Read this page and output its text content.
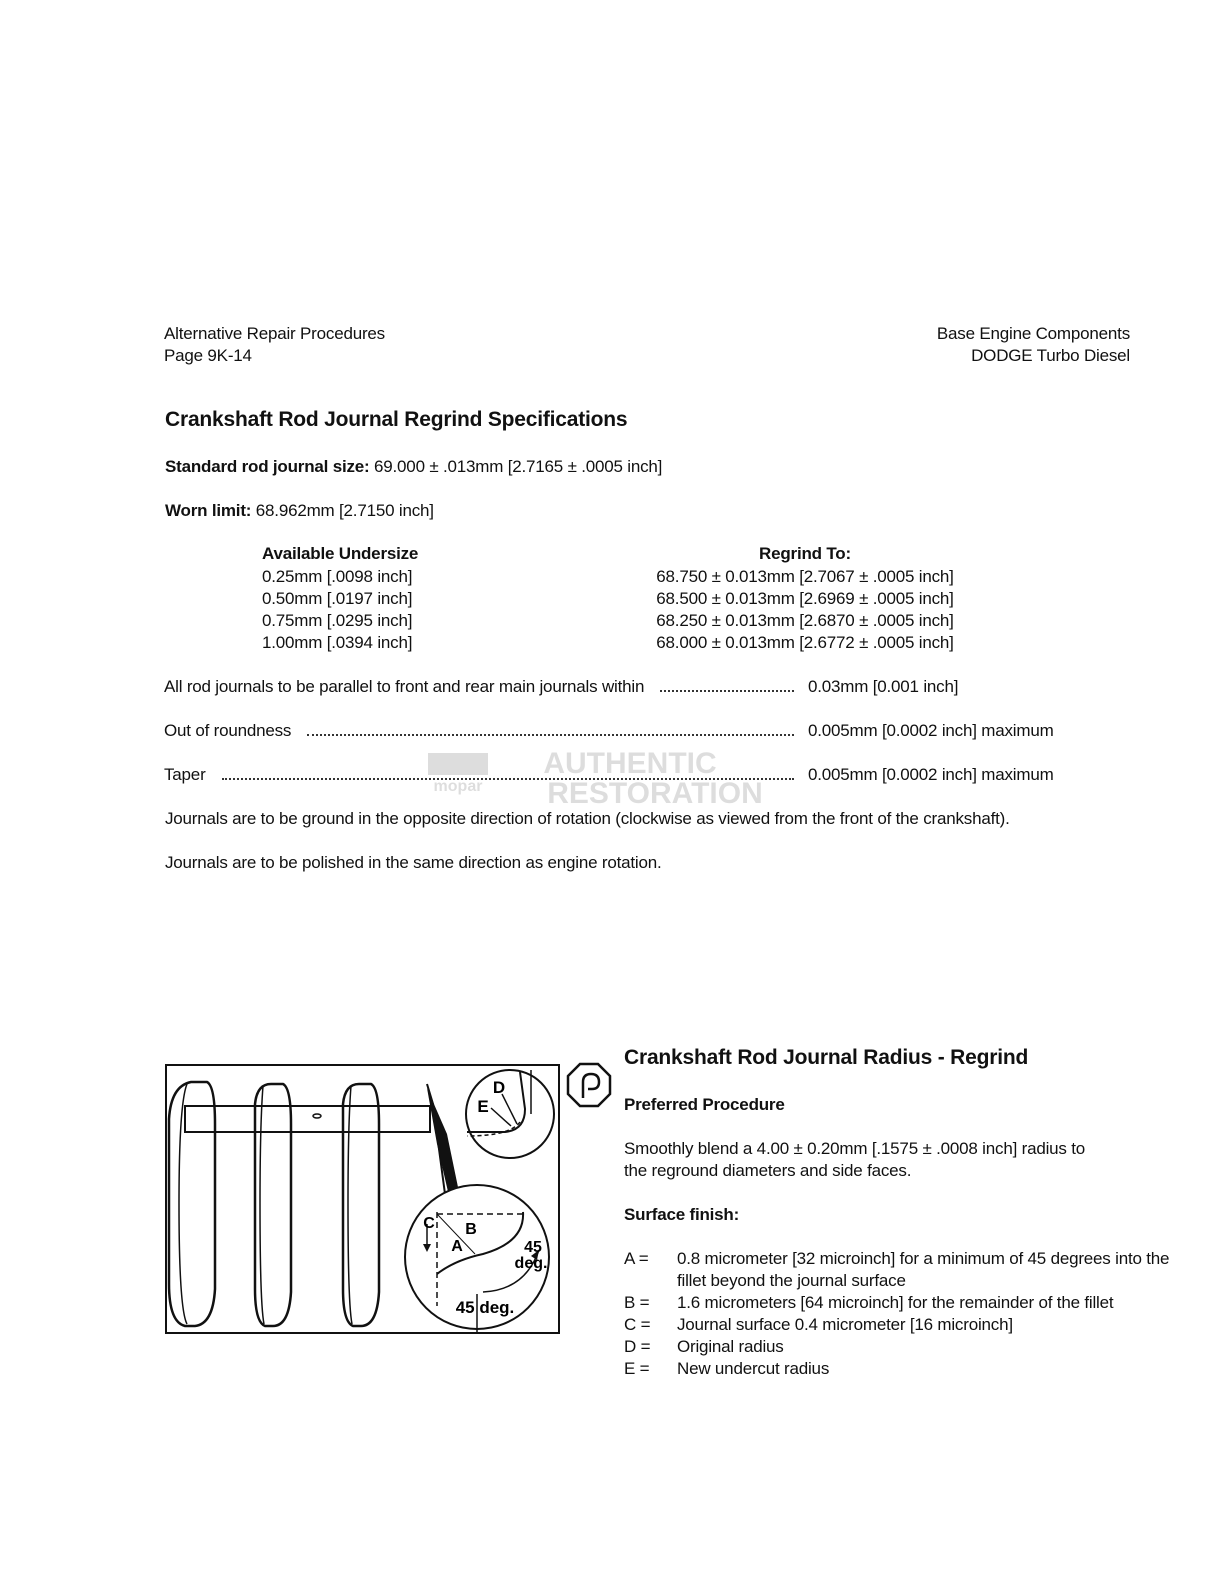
Alternative Repair Procedures
Page 9K-14
Base Engine Components
DODGE Turbo Diesel
Crankshaft Rod Journal Regrind Specifications
Standard rod journal size: 69.000 ± .013mm [2.7165 ± .0005 inch]
Worn limit: 68.962mm [2.7150 inch]
Available Undersize	Regrind To:
0.25mm [.0098 inch]	68.750 ± 0.013mm [2.7067 ± .0005 inch]
0.50mm [.0197 inch]	68.500 ± 0.013mm [2.6969 ± .0005 inch]
0.75mm [.0295 inch]	68.250 ± 0.013mm [2.6870 ± .0005 inch]
1.00mm [.0394 inch]	68.000 ± 0.013mm [2.6772 ± .0005 inch]
All rod journals to be parallel to front and rear main journals within	0.03mm [0.001 inch]
Out of roundness	0.005mm [0.0002 inch] maximum
Taper	0.005mm [0.0002 inch] maximum
mopar
AUTHENTIC
RESTORATION
Journals are to be ground in the opposite direction of rotation (clockwise as viewed from the front of the crankshaft).
Journals are to be polished in the same direction as engine rotation.
D
E
C B
A	45
deg.
45 deg.
Crankshaft Rod Journal Radius - Regrind
Preferred Procedure
Smoothly blend a 4.00 ± 0.20mm [.1575 ± .0008 inch] radius to
the reground diameters and side faces.
Surface finish:
A =	0.8 micrometer [32 microinch] for a minimum of 45 degrees into the fillet beyond the journal surface
B =	1.6 micrometers [64 microinch] for the remainder of the fillet
C =	Journal surface 0.4 micrometer [16 microinch]
D =	Original radius
E =	New undercut radius
